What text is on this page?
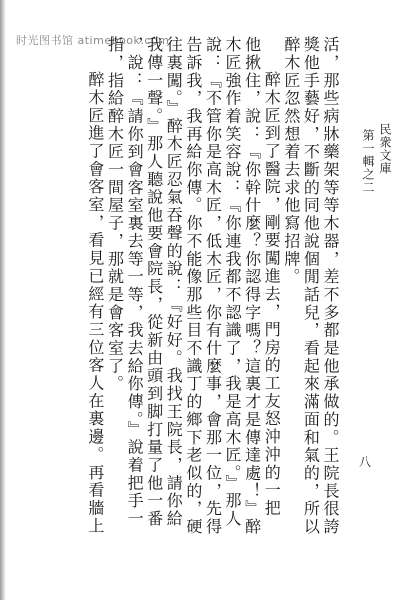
时光图书馆 atimebook.com
民衆文庫
第一輯之二
八
活，那些病牀藥架等等木器，差不多都是他承做的。王院長很誇
獎他手藝好，不斷的同他說個閒話兒，看起來滿面和氣的，所以
醉木匠忽然想着去求他寫招牌。
醉木匠到了醫院，剛要闖進去，門房的工友怒沖沖的一把
他揪住，說：『你幹什麼？你認得字嗎？這裏才是傳達處！』醉
木匠強作着笑容說：『你連我都不認識了，我是高木匠。』那人
說：『不管你是高木匠，低木匠，你有什麼事，會那一位，先得
告訴我，我再給你傳。你不能像那些目不識丁的鄉下老似的，硬
往裏闖。』醉木匠忍氣吞聲的說：『好好。我找王院長，請你給
我傳一聲。』那人聽說他要會院長，從新由頭到脚打量了他一番
，說：『請你到會客室裏去等一等，我去給你傳。』說着把手一
指，指給醉木匠一間屋子，那就是會客室了。
醉木匠進了會客室，看見已經有三位客人在裏邊。再看牆上
